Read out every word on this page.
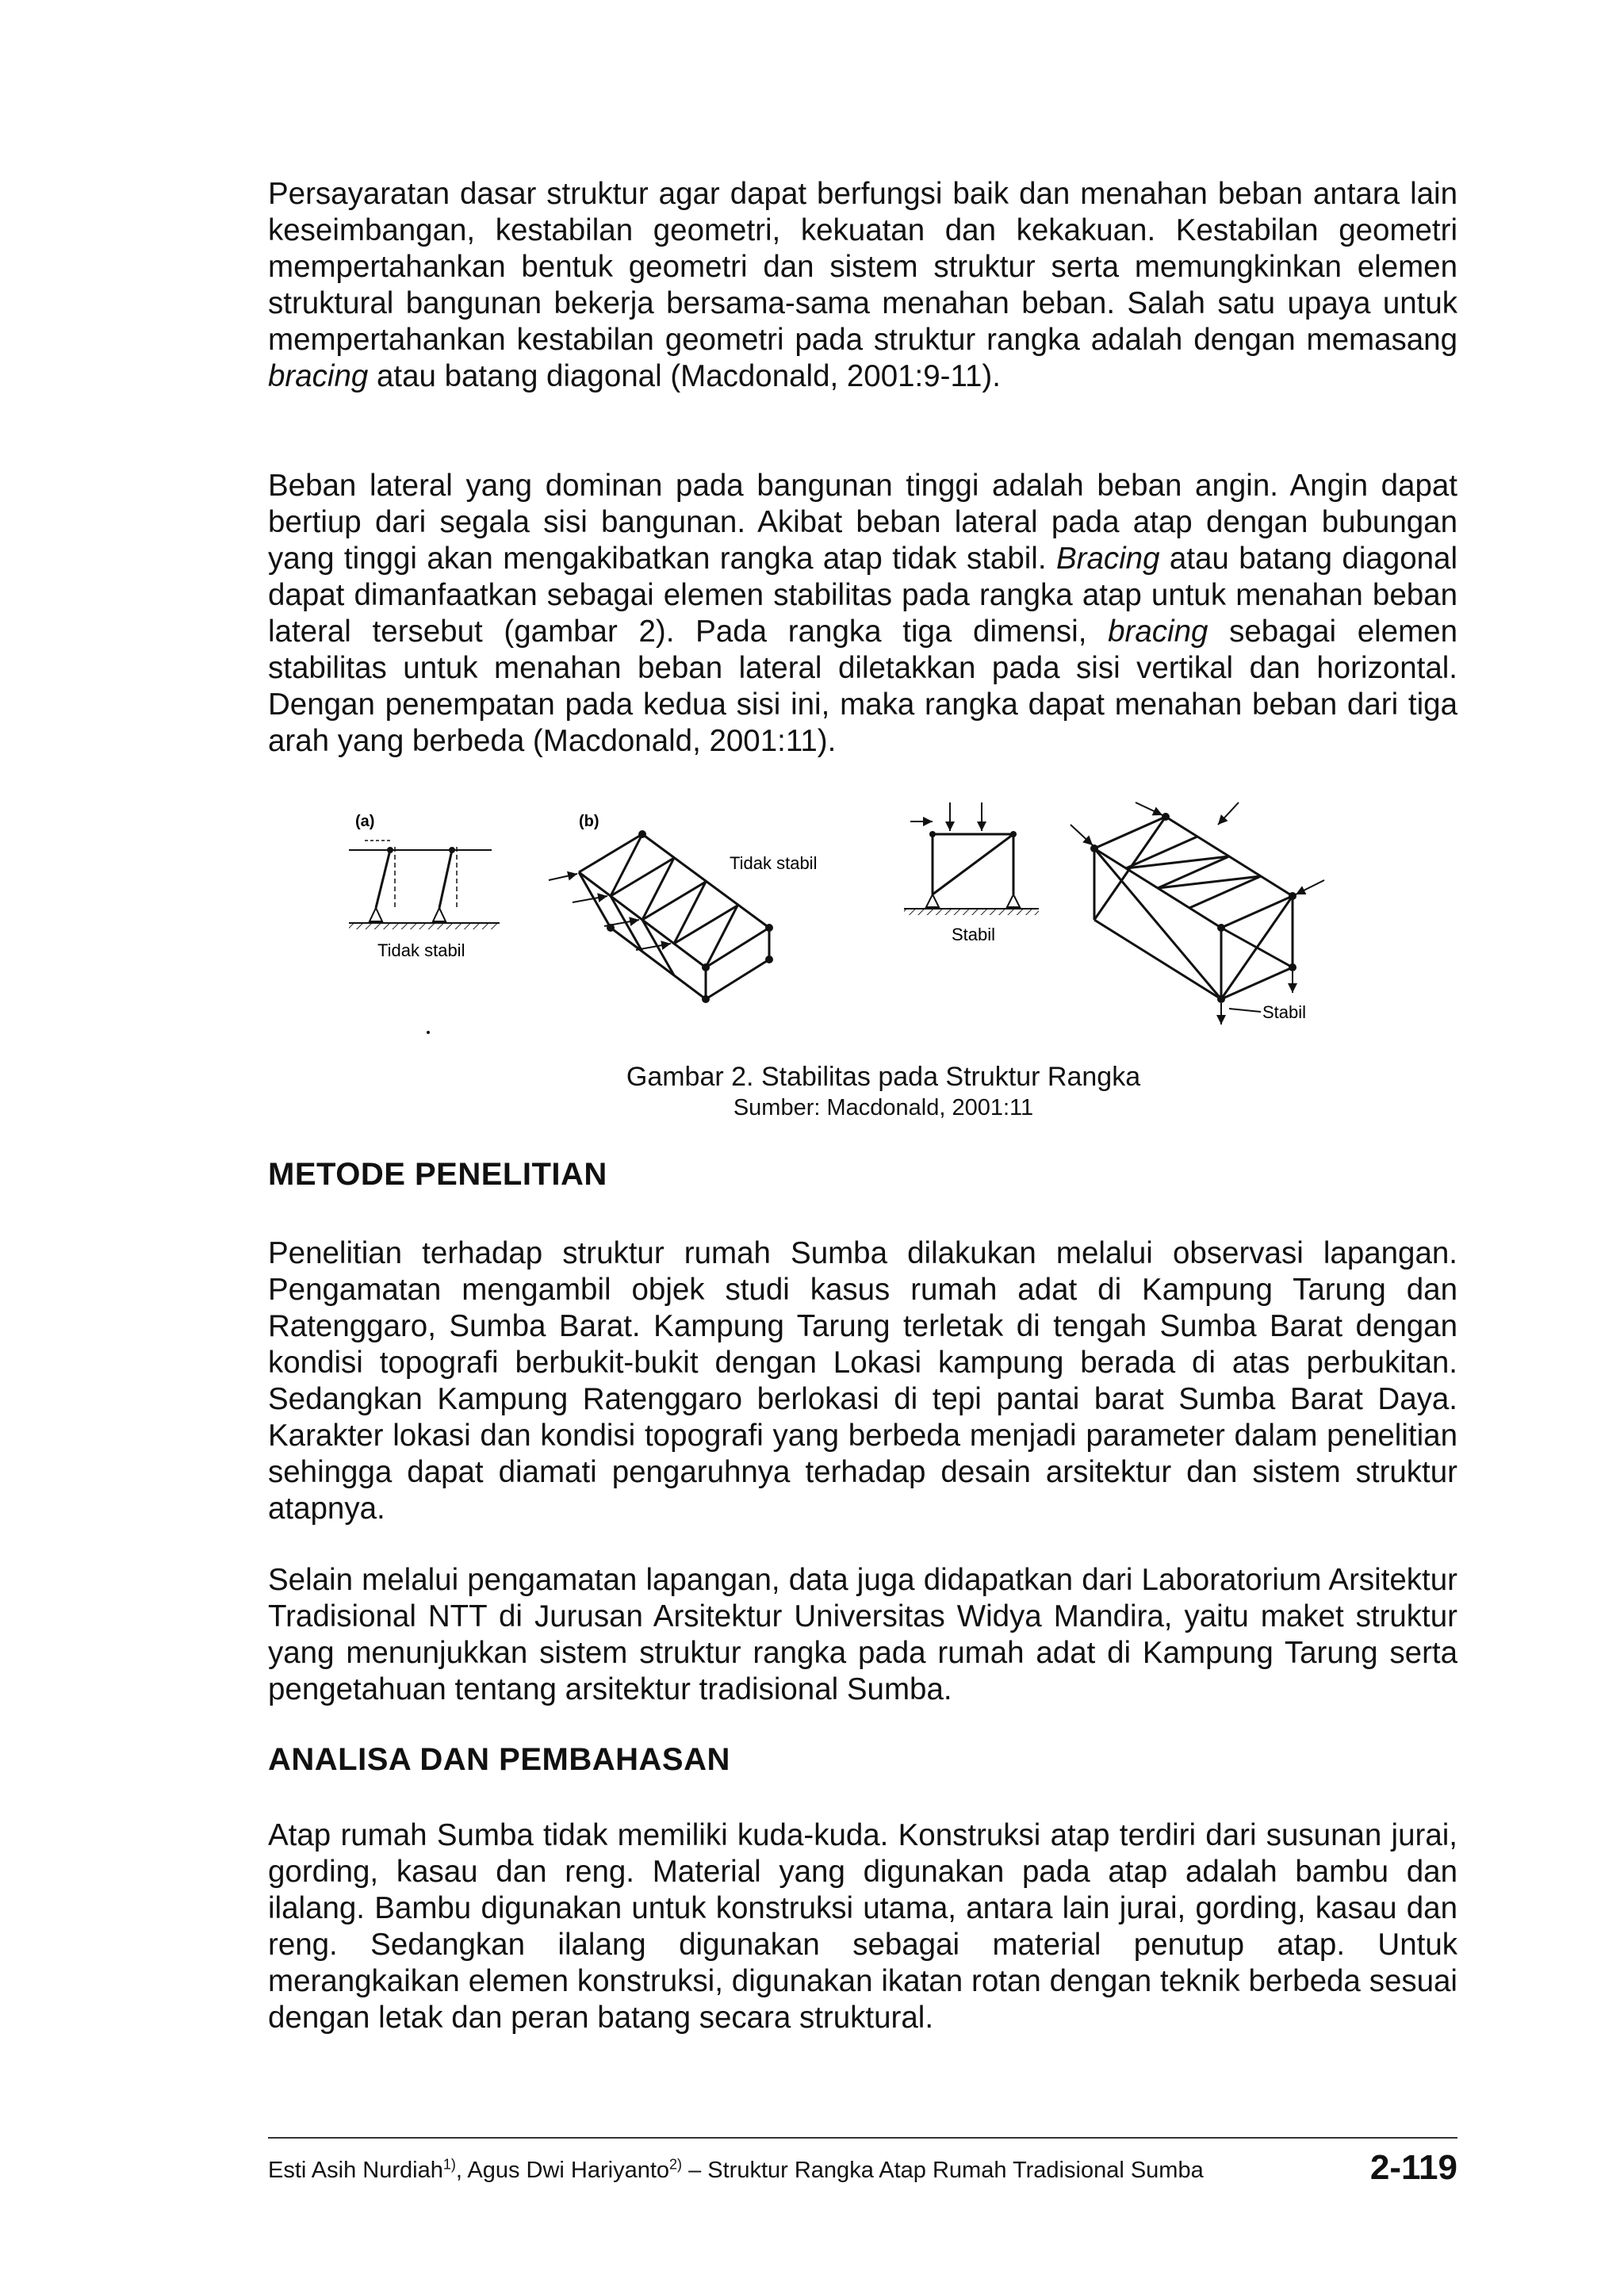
Persayaratan dasar struktur agar dapat berfungsi baik dan menahan beban antara lain keseimbangan, kestabilan geometri, kekuatan dan kekakuan. Kestabilan geometri mempertahankan bentuk geometri dan sistem struktur serta memungkinkan elemen struktural bangunan bekerja bersama-sama menahan beban. Salah satu upaya untuk mempertahankan kestabilan geometri pada struktur rangka adalah dengan memasang bracing atau batang diagonal (Macdonald, 2001:9-11).

Beban lateral yang dominan pada bangunan tinggi adalah beban angin. Angin dapat bertiup dari segala sisi bangunan. Akibat beban lateral pada atap dengan bubungan yang tinggi akan mengakibatkan rangka atap tidak stabil. Bracing atau batang diagonal dapat dimanfaatkan sebagai elemen stabilitas pada rangka atap untuk menahan beban lateral tersebut (gambar 2). Pada rangka tiga dimensi, bracing sebagai elemen stabilitas untuk menahan beban lateral diletakkan pada sisi vertikal dan horizontal. Dengan penempatan pada kedua sisi ini, maka rangka dapat menahan beban dari tiga arah yang berbeda (Macdonald, 2001:11).

(a)
Tidak stabil
(b)
Tidak stabil
Stabil
Stabil
Gambar 2. Stabilitas pada Struktur Rangka
Sumber: Macdonald, 2001:11
METODE PENELITIAN

Penelitian terhadap struktur rumah Sumba dilakukan melalui observasi lapangan. Pengamatan mengambil objek studi kasus rumah adat di Kampung Tarung dan Ratenggaro, Sumba Barat. Kampung Tarung terletak di tengah Sumba Barat dengan kondisi topografi berbukit-bukit dengan Lokasi kampung berada di atas perbukitan. Sedangkan Kampung Ratenggaro berlokasi di tepi pantai barat Sumba Barat Daya. Karakter lokasi dan kondisi topografi yang berbeda menjadi parameter dalam penelitian sehingga dapat diamati pengaruhnya terhadap desain arsitektur dan sistem struktur atapnya.

Selain melalui pengamatan lapangan, data juga didapatkan dari Laboratorium Arsitektur Tradisional NTT di Jurusan Arsitektur Universitas Widya Mandira, yaitu maket struktur yang menunjukkan sistem struktur rangka pada rumah adat di Kampung Tarung serta pengetahuan tentang arsitektur tradisional Sumba.

ANALISA DAN PEMBAHASAN

Atap rumah Sumba tidak memiliki kuda-kuda. Konstruksi atap terdiri dari susunan jurai, gording, kasau dan reng. Material yang digunakan pada atap adalah bambu dan ilalang. Bambu digunakan untuk konstruksi utama, antara lain jurai, gording, kasau dan reng. Sedangkan ilalang digunakan sebagai material penutup atap. Untuk merangkaikan elemen konstruksi, digunakan ikatan rotan dengan teknik berbeda sesuai dengan letak dan peran batang secara struktural.

Esti Asih Nurdiah$^{1)}$, Agus Dwi Hariyanto$^{2)}$ – Struktur Rangka Atap Rumah Tradisional Sumba	2-119
